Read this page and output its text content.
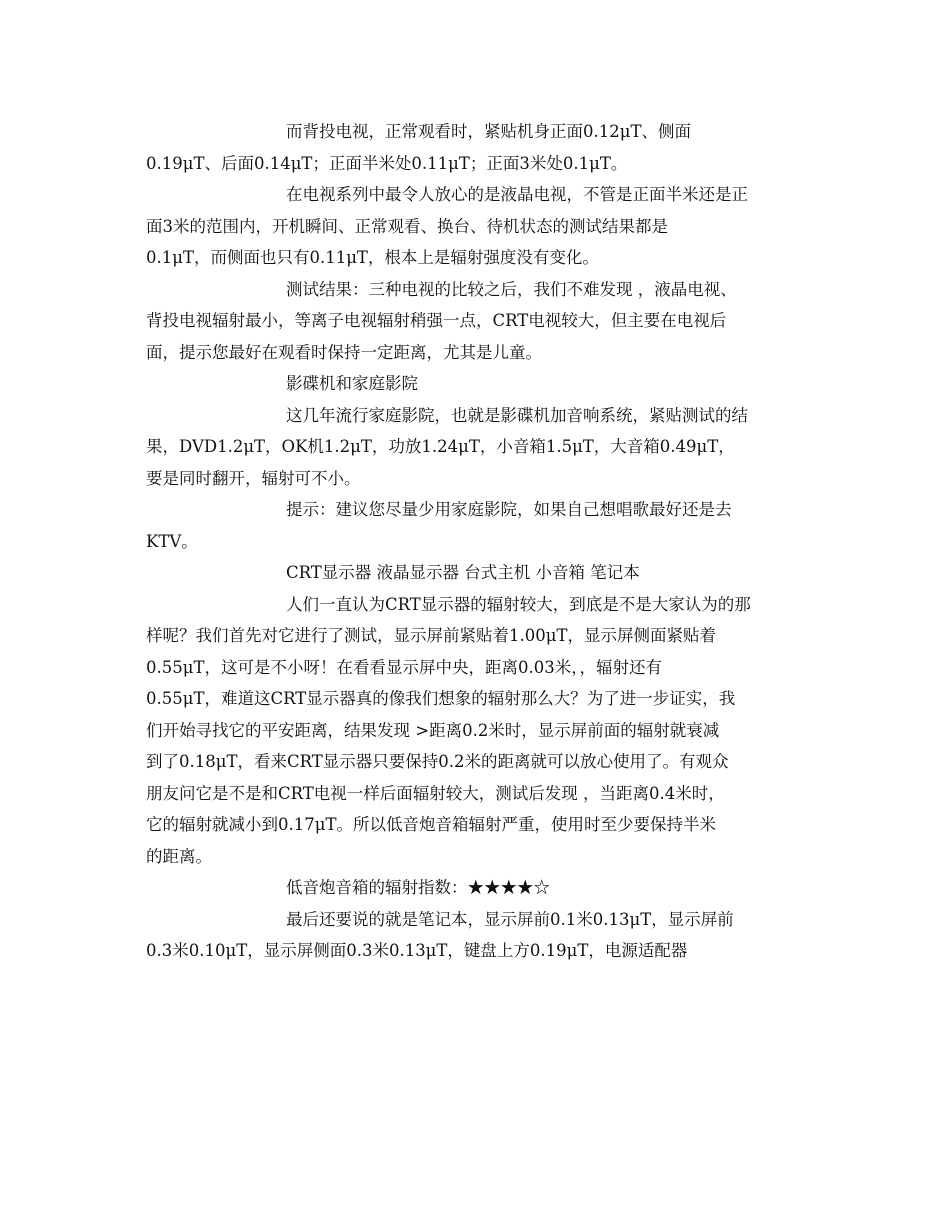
而背投电视，正常观看时，紧贴机身正面0.12μT、侧面
0.19μT、后面0.14μT；正面半米处0.11μT；正面3米处0.1μT。
在电视系列中最令人放心的是液晶电视，不管是正面半米还是正
面3米的范围内，开机瞬间、正常观看、换台、待机状态的测试结果都是
0.1μT，而侧面也只有0.11μT，根本上是辐射强度没有变化。
测试结果：三种电视的比较之后，我们不难发现 ，液晶电视、
背投电视辐射最小，等离子电视辐射稍强一点，CRT电视较大，但主要在电视后
面，提示您最好在观看时保持一定距离，尤其是儿童。
影碟机和家庭影院
这几年流行家庭影院，也就是影碟机加音响系统，紧贴测试的结
果，DVD1.2μT，OK机1.2μT，功放1.24μT，小音箱1.5μT，大音箱0.49μT，
要是同时翻开，辐射可不小。
提示：建议您尽量少用家庭影院，如果自己想唱歌最好还是去
KTV。
CRT显示器 液晶显示器 台式主机 小音箱 笔记本
人们一直认为CRT显示器的辐射较大，到底是不是大家认为的那
样呢？我们首先对它进行了测试，显示屏前紧贴着1.00μT，显示屏侧面紧贴着
0.55μT，这可是不小呀！在看看显示屏中央，距离0.03米，，辐射还有
0.55μT，难道这CRT显示器真的像我们想象的辐射那么大？为了进一步证实，我
们开始寻找它的平安距离，结果发现 >距离0.2米时，显示屏前面的辐射就衰减
到了0.18μT，看来CRT显示器只要保持0.2米的距离就可以放心使用了。有观众
朋友问它是不是和CRT电视一样后面辐射较大，测试后发现 ，当距离0.4米时，
它的辐射就减小到0.17μT。所以低音炮音箱辐射严重，使用时至少要保持半米
的距离。
低音炮音箱的辐射指数：★★★★☆
最后还要说的就是笔记本，显示屏前0.1米0.13μT，显示屏前
0.3米0.10μT，显示屏侧面0.3米0.13μT，键盘上方0.19μT，电源适配器
